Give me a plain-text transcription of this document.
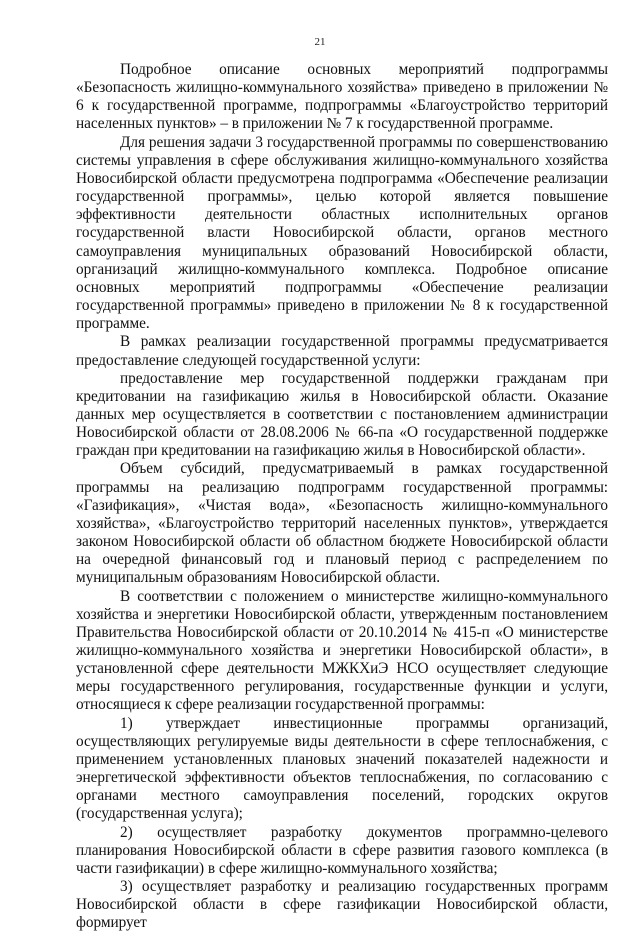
21

Подробное описание основных мероприятий подпрограммы «Безопасность жилищно-коммунального хозяйства» приведено в приложении № 6 к государственной программе, подпрограммы «Благоустройство территорий населенных пунктов» – в приложении № 7 к государственной программе.

Для решения задачи 3 государственной программы по совершенствованию системы управления в сфере обслуживания жилищно-коммунального хозяйства Новосибирской области предусмотрена подпрограмма «Обеспечение реализации государственной программы», целью которой является повышение эффективности деятельности областных исполнительных органов государственной власти Новосибирской области, органов местного самоуправления муниципальных образований Новосибирской области, организаций жилищно-коммунального комплекса. Подробное описание основных мероприятий подпрограммы «Обеспечение реализации государственной программы» приведено в приложении № 8 к государственной программе.

В рамках реализации государственной программы предусматривается предоставление следующей государственной услуги:

предоставление мер государственной поддержки гражданам при кредитовании на газификацию жилья в Новосибирской области. Оказание данных мер осуществляется в соответствии с постановлением администрации Новосибирской области от 28.08.2006 № 66-па «О государственной поддержке граждан при кредитовании на газификацию жилья в Новосибирской области».

Объем субсидий, предусматриваемый в рамках государственной программы на реализацию подпрограмм государственной программы: «Газификация», «Чистая вода», «Безопасность жилищно-коммунального хозяйства», «Благоустройство территорий населенных пунктов», утверждается законом Новосибирской области об областном бюджете Новосибирской области на очередной финансовый год и плановый период с распределением по муниципальным образованиям Новосибирской области.

В соответствии с положением о министерстве жилищно-коммунального хозяйства и энергетики Новосибирской области, утвержденным постановлением Правительства Новосибирской области от 20.10.2014 № 415-п «О министерстве жилищно-коммунального хозяйства и энергетики Новосибирской области», в установленной сфере деятельности МЖКХиЭ НСО осуществляет следующие меры государственного регулирования, государственные функции и услуги, относящиеся к сфере реализации государственной программы:

1) утверждает инвестиционные программы организаций, осуществляющих регулируемые виды деятельности в сфере теплоснабжения, с применением установленных плановых значений показателей надежности и энергетической эффективности объектов теплоснабжения, по согласованию с органами местного самоуправления поселений, городских округов (государственная услуга);

2) осуществляет разработку документов программно-целевого планирования Новосибирской области в сфере развития газового комплекса (в части газификации) в сфере жилищно-коммунального хозяйства;

3) осуществляет разработку и реализацию государственных программ Новосибирской области в сфере газификации Новосибирской области, формирует
